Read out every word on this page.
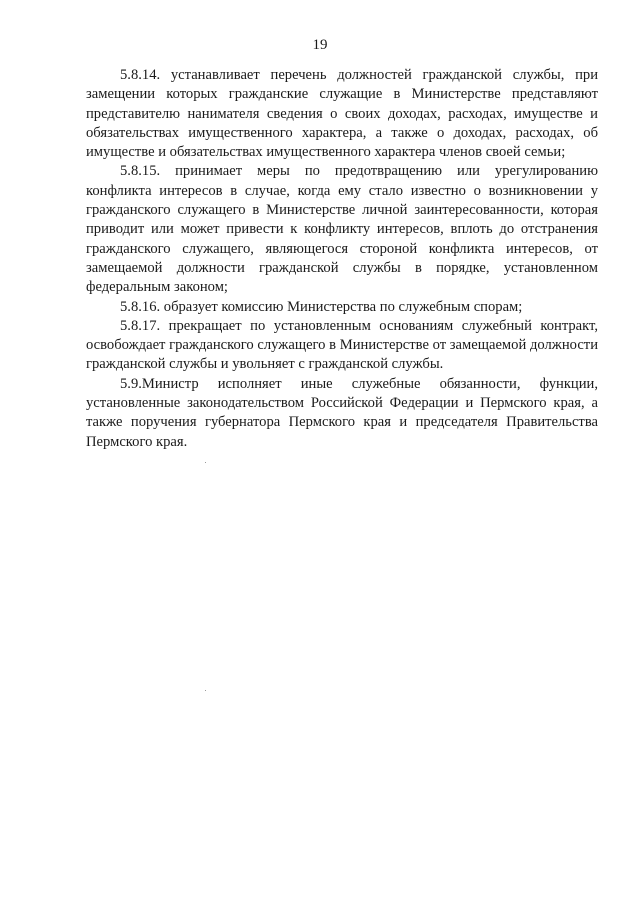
19

5.8.14. устанавливает перечень должностей гражданской службы, при замещении которых гражданские служащие в Министерстве представляют представителю нанимателя сведения о своих доходах, расходах, имуществе и обязательствах имущественного характера, а также о доходах, расходах, об имуществе и обязательствах имущественного характера членов своей семьи;

5.8.15. принимает меры по предотвращению или урегулированию конфликта интересов в случае, когда ему стало известно о возникновении у гражданского служащего в Министерстве личной заинтересованности, которая приводит или может привести к конфликту интересов, вплоть до отстранения гражданского служащего, являющегося стороной конфликта интересов, от замещаемой должности гражданской службы в порядке, установленном федеральным законом;

5.8.16. образует комиссию Министерства по служебным спорам;

5.8.17. прекращает по установленным основаниям служебный контракт, освобождает гражданского служащего в Министерстве от замещаемой должности гражданской службы и увольняет с гражданской службы.

5.9.Министр исполняет иные служебные обязанности, функции, установленные законодательством Российской Федерации и Пермского края, а также поручения губернатора Пермского края и председателя Правительства Пермского края.
